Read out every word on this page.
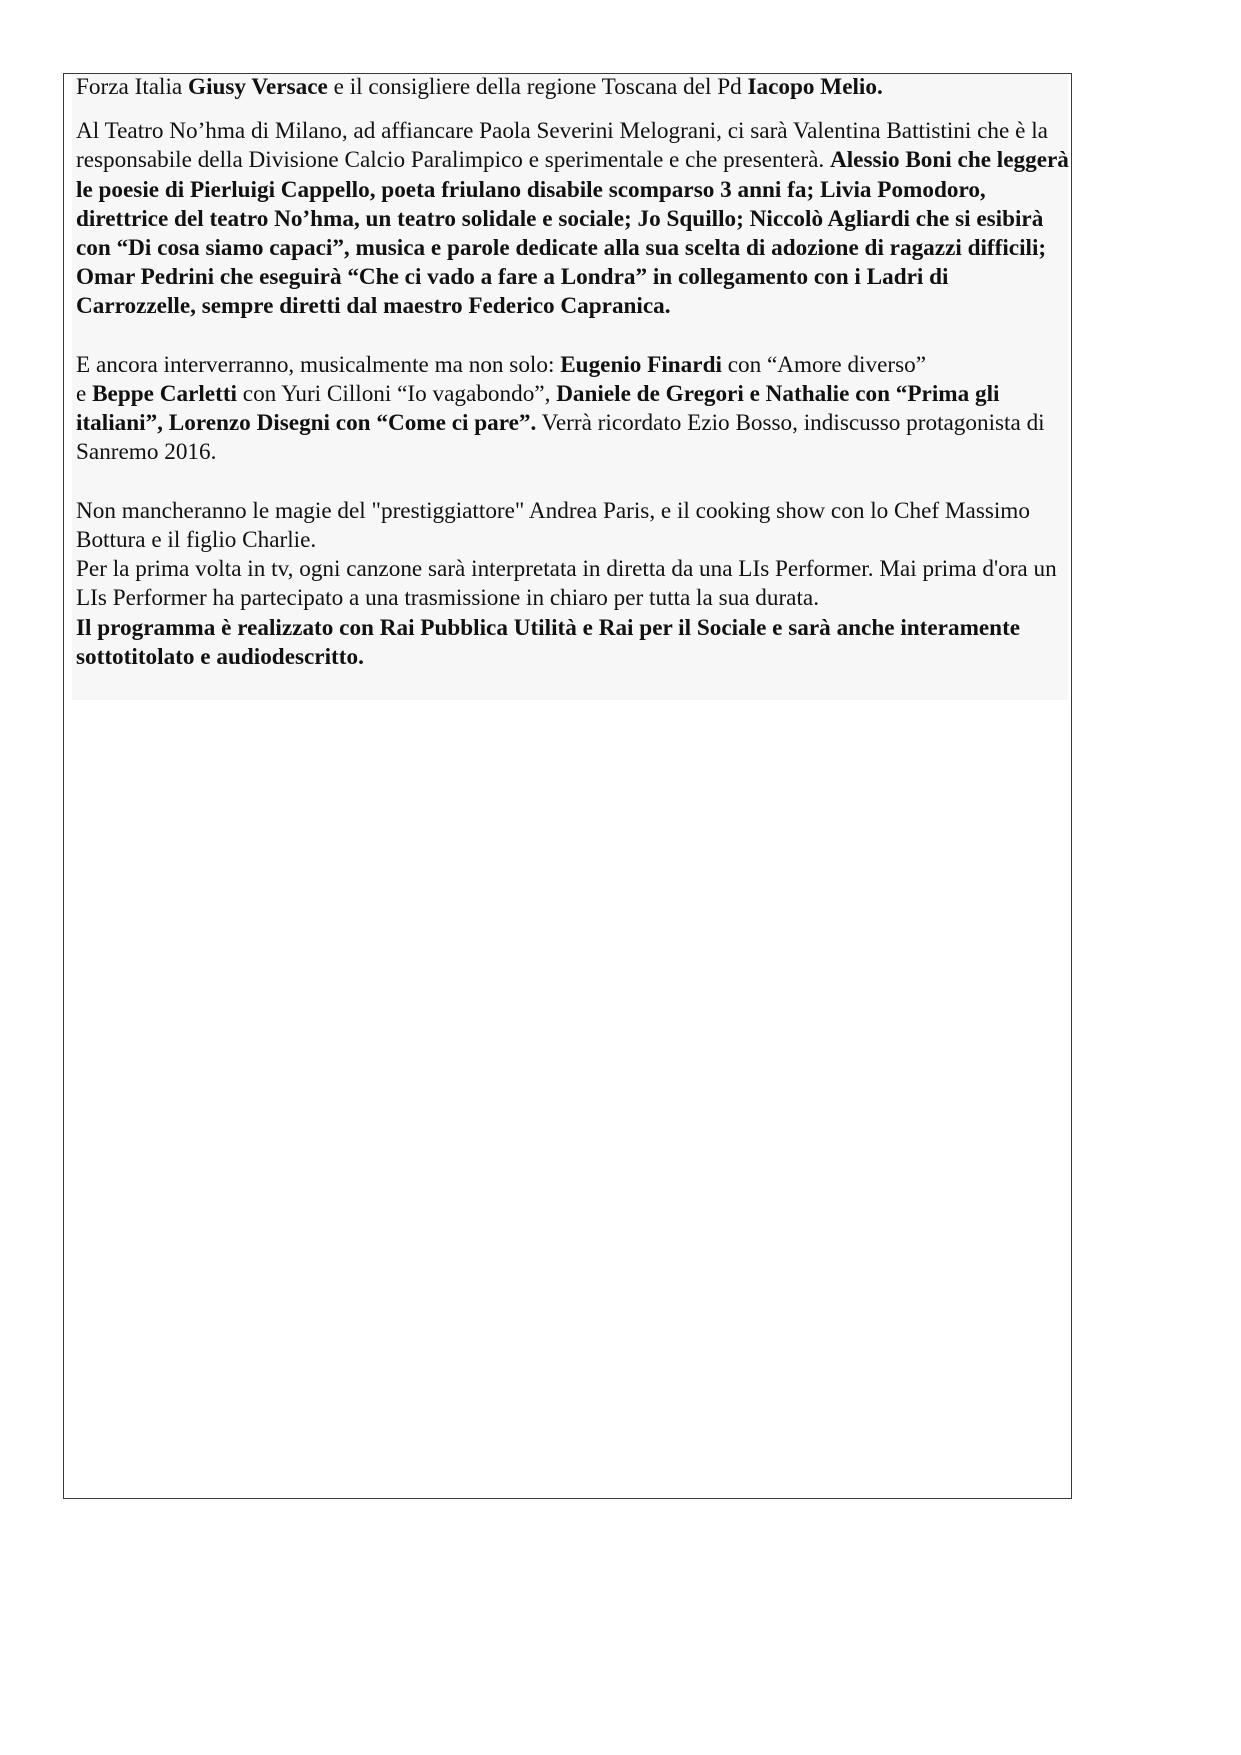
Forza Italia Giusy Versace e il consigliere della regione Toscana del Pd Iacopo Melio.

Al Teatro No’hma di Milano, ad affiancare Paola Severini Melograni, ci sarà Valentina Battistini che è la responsabile della Divisione Calcio Paralimpico e sperimentale e che presenterà. Alessio Boni che leggerà le poesie di Pierluigi Cappello, poeta friulano disabile scomparso 3 anni fa; Livia Pomodoro, direttrice del teatro No’hma, un teatro solidale e sociale; Jo Squillo; Niccolò Agliardi che si esibirà con “Di cosa siamo capaci”, musica e parole dedicate alla sua scelta di adozione di ragazzi difficili; Omar Pedrini che eseguirà “Che ci vado a fare a Londra” in collegamento con i Ladri di Carrozzelle, sempre diretti dal maestro Federico Capranica.

E ancora interverranno, musicalmente ma non solo: Eugenio Finardi con “Amore diverso”
e Beppe Carletti con Yuri Cilloni “Io vagabondo”, Daniele de Gregori e Nathalie con “Prima gli italiani”, Lorenzo Disegni con “Come ci pare”. Verrà ricordato Ezio Bosso, indiscusso protagonista di Sanremo 2016.

Non mancheranno le magie del "prestiggiattore" Andrea Paris, e il cooking show con lo Chef Massimo Bottura e il figlio Charlie.

Per la prima volta in tv, ogni canzone sarà interpretata in diretta da una LIs Performer. Mai prima d'ora un LIs Performer ha partecipato a una trasmissione in chiaro per tutta la sua durata.

Il programma è realizzato con Rai Pubblica Utilità e Rai per il Sociale e sarà anche interamente sottotitolato e audiodescritto.
